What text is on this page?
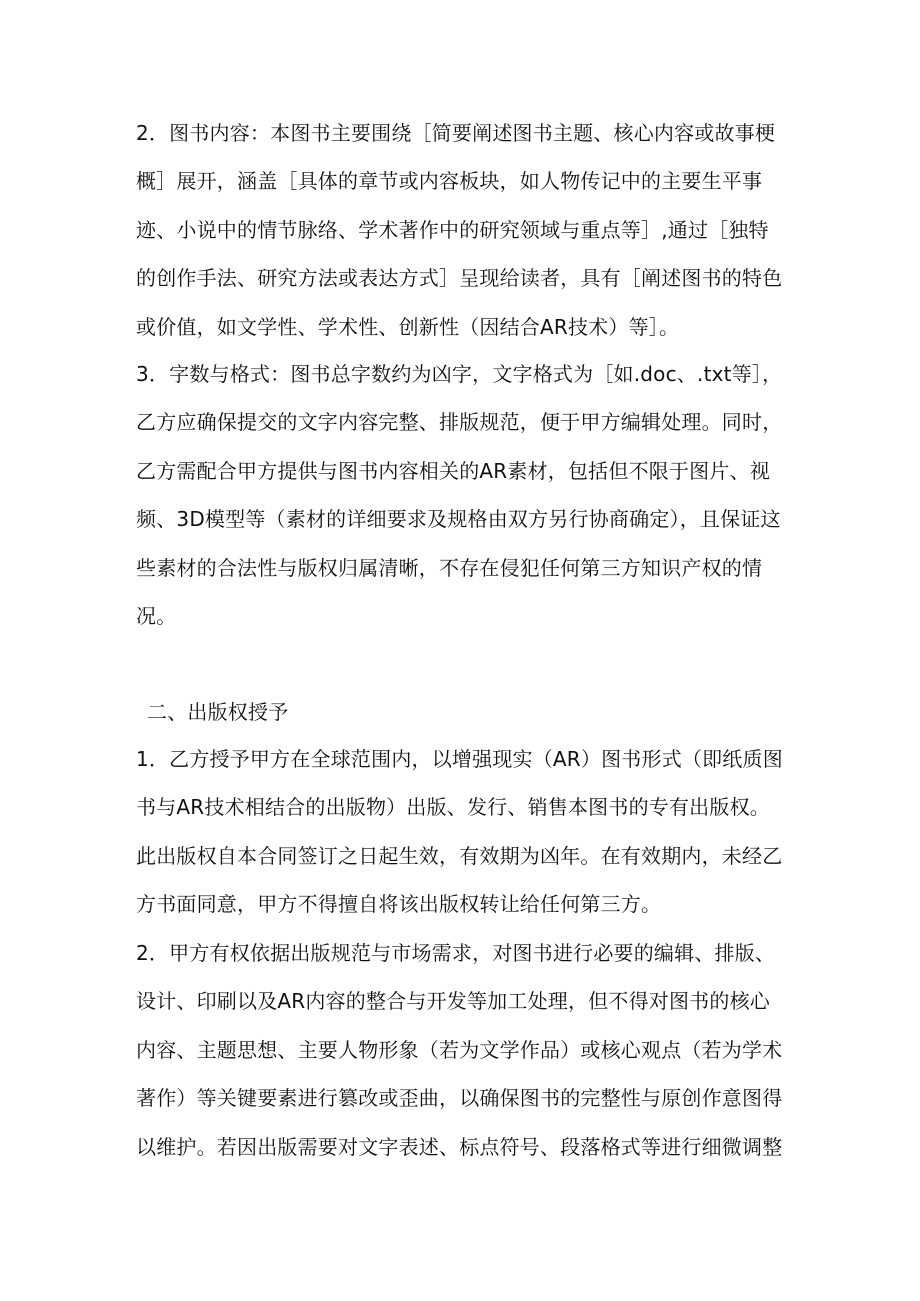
2．图书内容：本图书主要围绕［简要阐述图书主题、核心内容或故事梗概］展开，涵盖［具体的章节或内容板块，如人物传记中的主要生平事迹、小说中的情节脉络、学术著作中的研究领域与重点等］,通过［独特的创作手法、研究方法或表达方式］呈现给读者，具有［阐述图书的特色或价值，如文学性、学术性、创新性（因结合AR技术）等］。

3．字数与格式：图书总字数约为凶字，文字格式为［如.doc、.txt等］，乙方应确保提交的文字内容完整、排版规范，便于甲方编辑处理。同时，乙方需配合甲方提供与图书内容相关的AR素材，包括但不限于图片、视频、3D模型等（素材的详细要求及规格由双方另行协商确定），且保证这些素材的合法性与版权归属清晰，不存在侵犯任何第三方知识产权的情况。

二、出版权授予

1．乙方授予甲方在全球范围内，以增强现实（AR）图书形式（即纸质图书与AR技术相结合的出版物）出版、发行、销售本图书的专有出版权。此出版权自本合同签订之日起生效，有效期为凶年。在有效期内，未经乙方书面同意，甲方不得擅自将该出版权转让给任何第三方。

2．甲方有权依据出版规范与市场需求，对图书进行必要的编辑、排版、设计、印刷以及AR内容的整合与开发等加工处理，但不得对图书的核心内容、主题思想、主要人物形象（若为文学作品）或核心观点（若为学术著作）等关键要素进行篡改或歪曲，以确保图书的完整性与原创作意图得以维护。若因出版需要对文字表述、标点符号、段落格式等进行细微调整
